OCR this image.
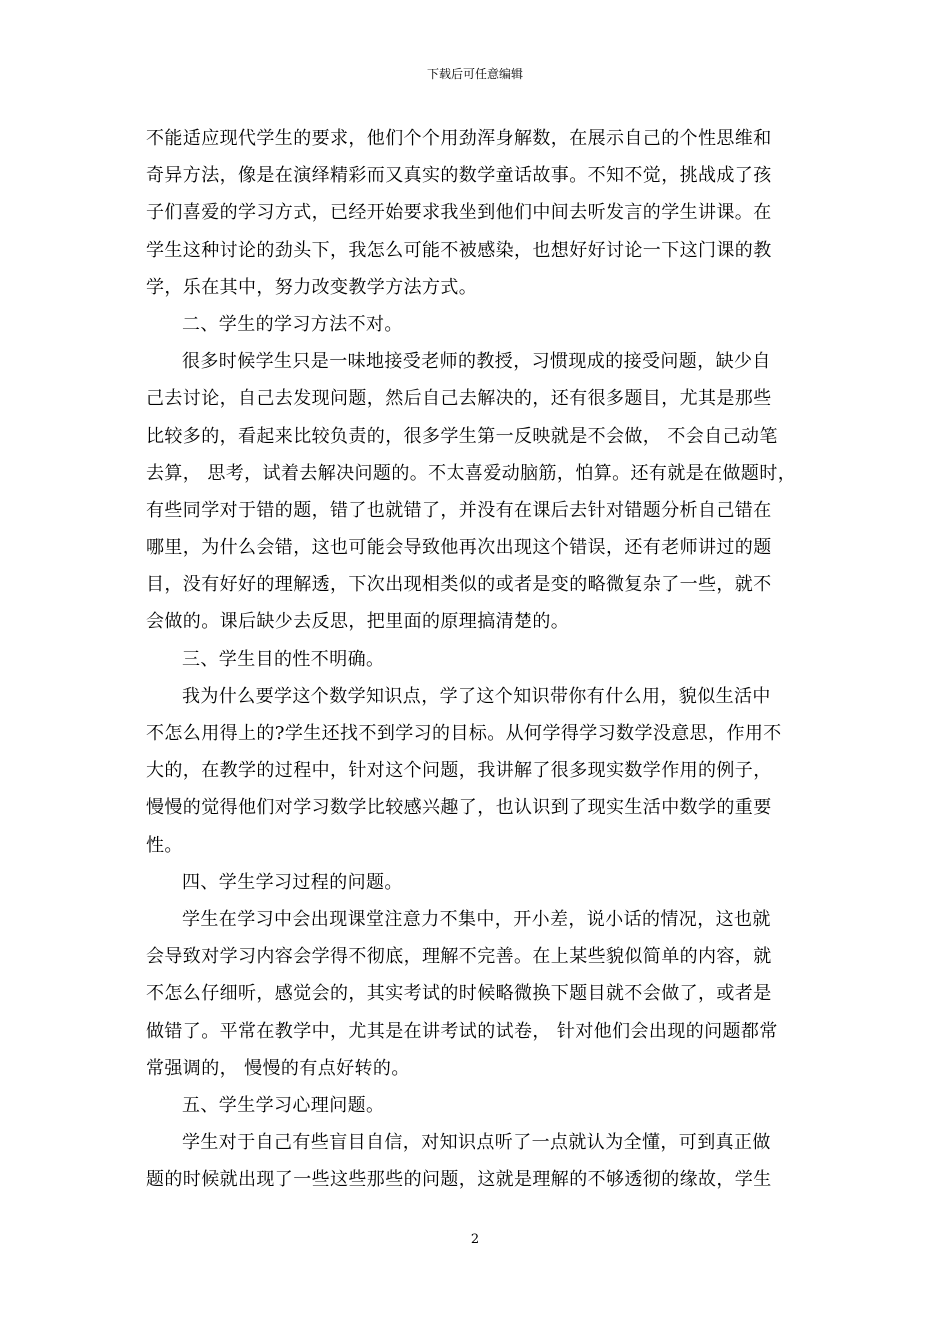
下载后可任意编辑
不能适应现代学生的要求，他们个个用劲浑身解数，在展示自己的个性思维和
奇异方法，像是在演绎精彩而又真实的数学童话故事。不知不觉，挑战成了孩
子们喜爱的学习方式，已经开始要求我坐到他们中间去听发言的学生讲课。在
学生这种讨论的劲头下，我怎么可能不被感染，也想好好讨论一下这门课的教
学，乐在其中，努力改变教学方法方式。
二、学生的学习方法不对。
很多时候学生只是一味地接受老师的教授，习惯现成的接受问题，缺少自
己去讨论，自己去发现问题，然后自己去解决的，还有很多题目，尤其是那些
比较多的，看起来比较负责的，很多学生第一反映就是不会做， 不会自己动笔
去算， 思考，试着去解决问题的。不太喜爱动脑筋，怕算。还有就是在做题时，
有些同学对于错的题，错了也就错了，并没有在课后去针对错题分析自己错在
哪里，为什么会错，这也可能会导致他再次出现这个错误，还有老师讲过的题
目，没有好好的理解透，下次出现相类似的或者是变的略微复杂了一些，就不
会做的。课后缺少去反思，把里面的原理搞清楚的。
三、学生目的性不明确。
我为什么要学这个数学知识点，学了这个知识带你有什么用，貌似生活中
不怎么用得上的?学生还找不到学习的目标。从何学得学习数学没意思，作用不
大的，在教学的过程中，针对这个问题，我讲解了很多现实数学作用的例子，
慢慢的觉得他们对学习数学比较感兴趣了，也认识到了现实生活中数学的重要
性。
四、学生学习过程的问题。
学生在学习中会出现课堂注意力不集中，开小差，说小话的情况，这也就
会导致对学习内容会学得不彻底，理解不完善。在上某些貌似简单的内容，就
不怎么仔细听，感觉会的，其实考试的时候略微换下题目就不会做了，或者是
做错了。平常在教学中，尤其是在讲考试的试卷， 针对他们会出现的问题都常
常强调的， 慢慢的有点好转的。
五、学生学习心理问题。
学生对于自己有些盲目自信，对知识点听了一点就认为全懂，可到真正做
题的时候就出现了一些这些那些的问题，这就是理解的不够透彻的缘故，学生
2
